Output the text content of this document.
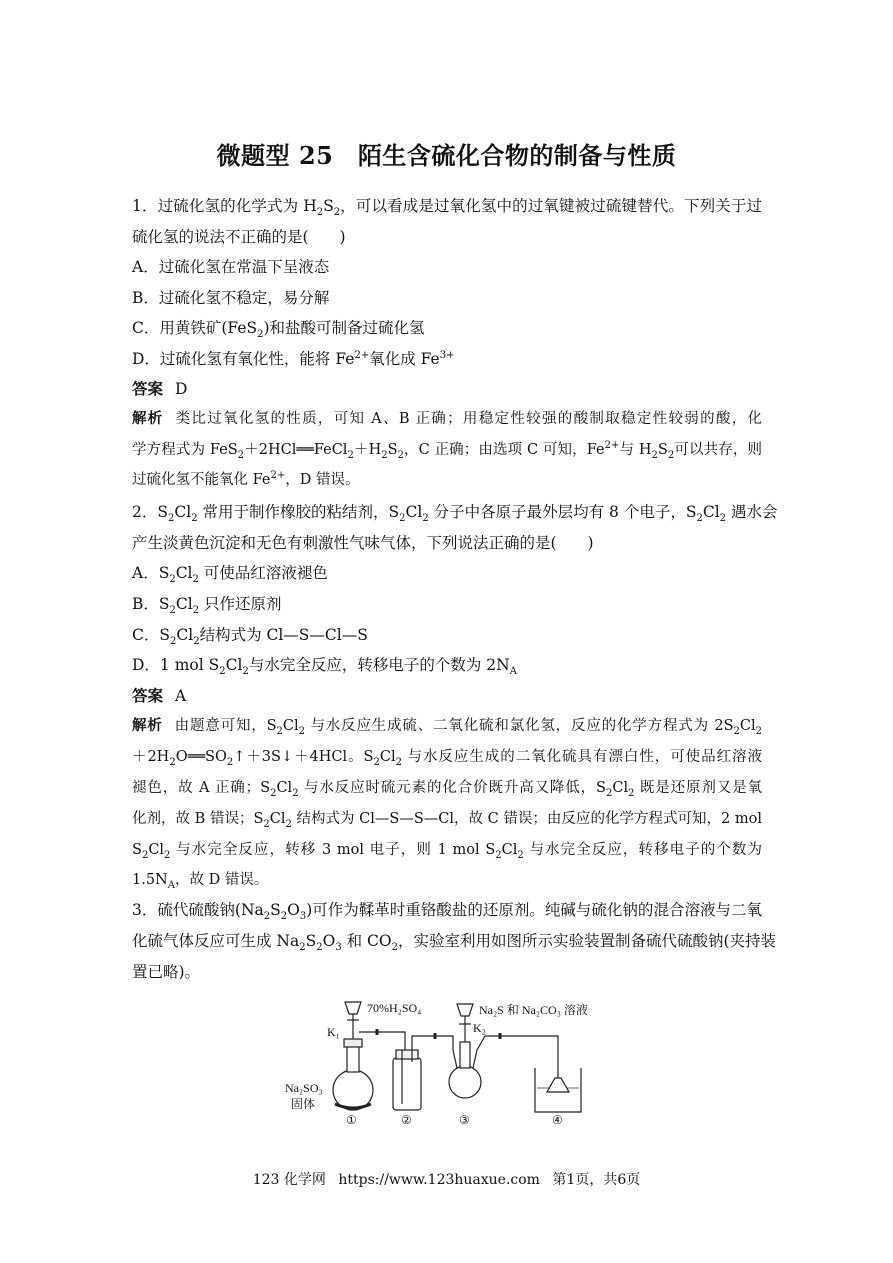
微题型 25　陌生含硫化合物的制备与性质
1．过硫化氢的化学式为 $H_2S_2$，可以看成是过氧化氢中的过氧键被过硫键替代。下列关于过
硫化氢的说法不正确的是(　　)
A．过硫化氢在常温下呈液态
B．过硫化氢不稳定，易分解
C．用黄铁矿(FeS$_2$)和盐酸可制备过硫化氢
D．过硫化氢有氧化性，能将 $Fe^{2+}$氧化成 $Fe^{3+}$
答案 D
解析 类比过氧化氢的性质，可知 A、B 正确；用稳定性较强的酸制取稳定性较弱的酸，化
学方程式为 $FeS_2+2HCl══FeCl_2+H_2S_2$，C 正确；由选项 C 可知，$Fe^{2+}$与 $H_2S_2$可以共存，则
过硫化氢不能氧化 $Fe^{2+}$，D 错误。
2．$S_2Cl_2$ 常用于制作橡胶的粘结剂，$S_2Cl_2$ 分子中各原子最外层均有 8 个电子，$S_2Cl_2$ 遇水会
产生淡黄色沉淀和无色有刺激性气味气体，下列说法正确的是(　　)
A．$S_2Cl_2$ 可使品红溶液褪色
B．$S_2Cl_2$ 只作还原剂
C．$S_2Cl_2$结构式为 Cl—S—Cl—S
D．1 mol $S_2Cl_2$与水完全反应，转移电子的个数为 $2N_A$
答案 A
解析 由题意可知，$S_2Cl_2$ 与水反应生成硫、二氧化硫和氯化氢，反应的化学方程式为 $2S_2Cl_2$
$+2H_2O══SO_2↑+3S↓+4HCl$。$S_2Cl_2$ 与水反应生成的二氧化硫具有漂白性，可使品红溶液
褪色，故 A 正确；$S_2Cl_2$ 与水反应时硫元素的化合价既升高又降低，$S_2Cl_2$ 既是还原剂又是氧
化剂，故 B 错误；$S_2Cl_2$ 结构式为 Cl—S—S—Cl，故 C 错误；由反应的化学方程式可知，2 mol
$S_2Cl_2$ 与水完全反应，转移 3 mol 电子，则 1 mol $S_2Cl_2$ 与水完全反应，转移电子的个数为
$1.5N_A$，故 D 错误。
3．硫代硫酸钠$(Na_2S_2O_3)$可作为鞣革时重铬酸盐的还原剂。纯碱与硫化钠的混合溶液与二氧
化硫气体反应可生成 $Na_2S_2O_3$ 和 $CO_2$，实验室利用如图所示实验装置制备硫代硫酸钠(夹持装
置已略)。
70%H₂SO₄
K₁
Na₂S 和 Na₂CO₃ 溶液
K₂
Na₂SO₃
固体
①	②	③	④
123 化学网 https://www.123huaxue.com 第1页，共6页
